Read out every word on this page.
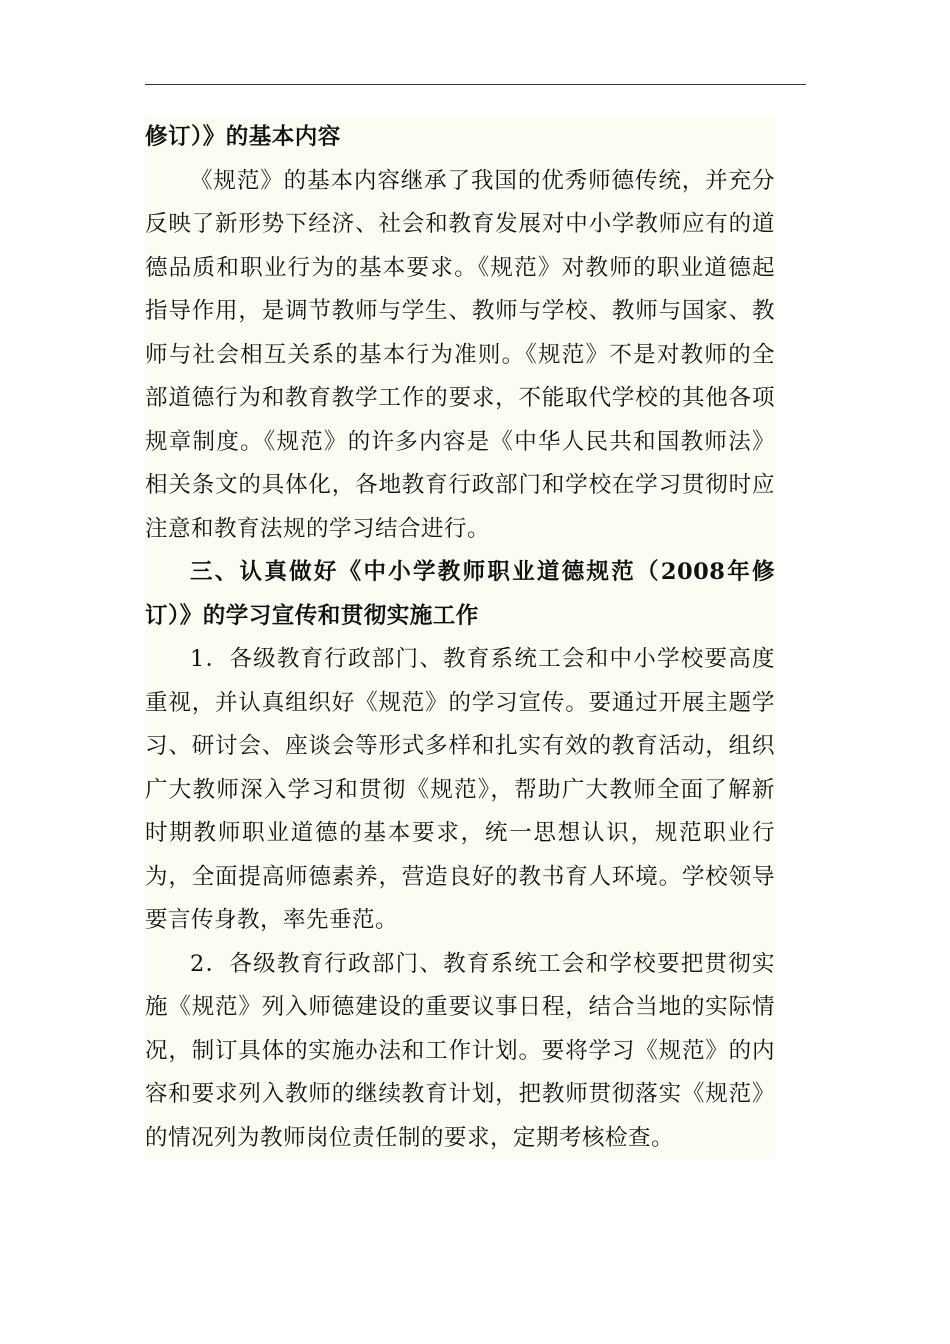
修订）》的基本内容

《规范》的基本内容继承了我国的优秀师德传统，并充分反映了新形势下经济、社会和教育发展对中小学教师应有的道德品质和职业行为的基本要求。《规范》对教师的职业道德起指导作用，是调节教师与学生、教师与学校、教师与国家、教师与社会相互关系的基本行为准则。《规范》不是对教师的全部道德行为和教育教学工作的要求，不能取代学校的其他各项规章制度。《规范》的许多内容是《中华人民共和国教师法》相关条文的具体化，各地教育行政部门和学校在学习贯彻时应注意和教育法规的学习结合进行。

三、认真做好《中小学教师职业道德规范（2008年修订）》的学习宣传和贯彻实施工作

1．各级教育行政部门、教育系统工会和中小学校要高度重视，并认真组织好《规范》的学习宣传。要通过开展主题学习、研讨会、座谈会等形式多样和扎实有效的教育活动，组织广大教师深入学习和贯彻《规范》，帮助广大教师全面了解新时期教师职业道德的基本要求，统一思想认识，规范职业行为，全面提高师德素养，营造良好的教书育人环境。学校领导要言传身教，率先垂范。

2．各级教育行政部门、教育系统工会和学校要把贯彻实施《规范》列入师德建设的重要议事日程，结合当地的实际情况，制订具体的实施办法和工作计划。要将学习《规范》的内容和要求列入教师的继续教育计划，把教师贯彻落实《规范》的情况列为教师岗位责任制的要求，定期考核检查。
